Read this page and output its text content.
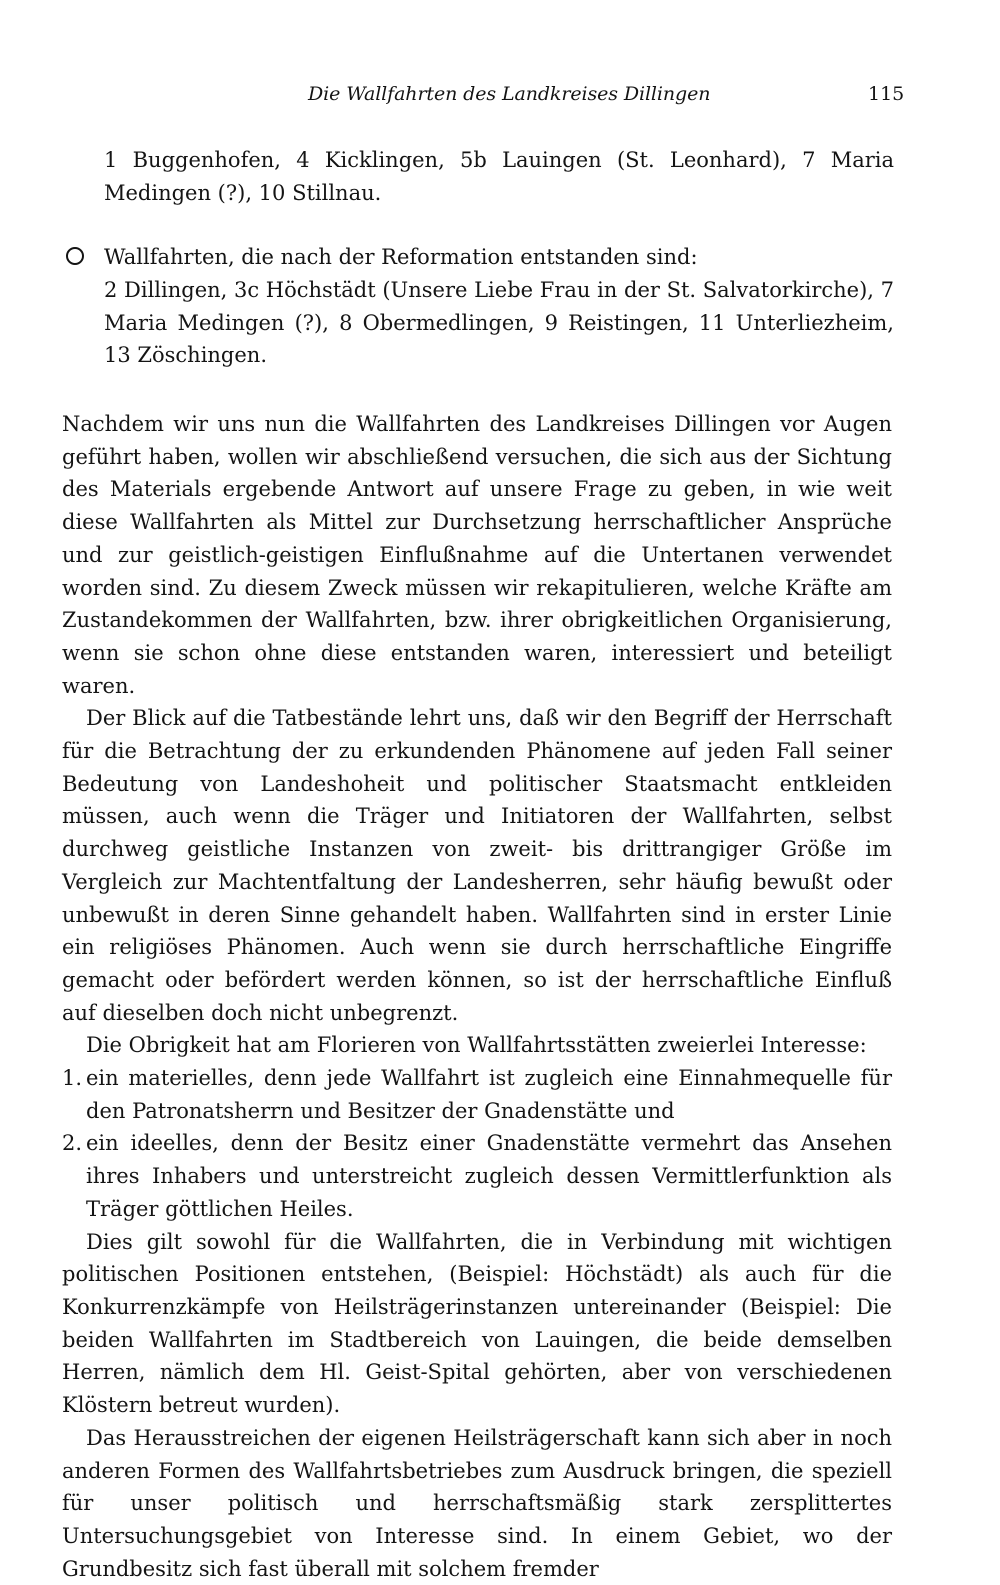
Die Wallfahrten des Landkreises Dillingen	115

1 Buggenhofen, 4 Kicklingen, 5b Lauingen (St. Leonhard), 7 Maria Medingen (?), 10 Stillnau.

Wallfahrten, die nach der Reformation entstanden sind:

2 Dillingen, 3c Höchstädt (Unsere Liebe Frau in der St. Salvatorkirche), 7 Maria Medingen (?), 8 Obermedlingen, 9 Reistingen, 11 Unterliezheim, 13 Zöschingen.

Nachdem wir uns nun die Wallfahrten des Landkreises Dillingen vor Augen geführt haben, wollen wir abschließend versuchen, die sich aus der Sichtung des Materials ergebende Antwort auf unsere Frage zu geben, in wie weit diese Wallfahrten als Mittel zur Durchsetzung herrschaftlicher Ansprüche und zur geistlich-geistigen Einflußnahme auf die Untertanen verwendet worden sind. Zu diesem Zweck müssen wir rekapitulieren, welche Kräfte am Zustandekommen der Wallfahrten, bzw. ihrer obrigkeitlichen Organisierung, wenn sie schon ohne diese entstanden waren, interessiert und beteiligt waren.

Der Blick auf die Tatbestände lehrt uns, daß wir den Begriff der Herrschaft für die Betrachtung der zu erkundenden Phänomene auf jeden Fall seiner Bedeutung von Landeshoheit und politischer Staatsmacht entkleiden müssen, auch wenn die Träger und Initiatoren der Wallfahrten, selbst durchweg geistliche Instanzen von zweit- bis drittrangiger Größe im Vergleich zur Machtentfaltung der Landesherren, sehr häufig bewußt oder unbewußt in deren Sinne gehandelt haben. Wallfahrten sind in erster Linie ein religiöses Phänomen. Auch wenn sie durch herrschaftliche Eingriffe gemacht oder befördert werden können, so ist der herrschaftliche Einfluß auf dieselben doch nicht unbegrenzt.

Die Obrigkeit hat am Florieren von Wallfahrtsstätten zweierlei Interesse:

1. ein materielles, denn jede Wallfahrt ist zugleich eine Einnahmequelle für den Patronatsherrn und Besitzer der Gnadenstätte und
2. ein ideelles, denn der Besitz einer Gnadenstätte vermehrt das Ansehen ihres Inhabers und unterstreicht zugleich dessen Vermittlerfunktion als Träger göttlichen Heiles.

Dies gilt sowohl für die Wallfahrten, die in Verbindung mit wichtigen politischen Positionen entstehen, (Beispiel: Höchstädt) als auch für die Konkurrenzkämpfe von Heilsträgerinstanzen untereinander (Beispiel: Die beiden Wallfahrten im Stadtbereich von Lauingen, die beide demselben Herren, nämlich dem Hl. Geist-Spital gehörten, aber von verschiedenen Klöstern betreut wurden).

Das Herausstreichen der eigenen Heilsträgerschaft kann sich aber in noch anderen Formen des Wallfahrtsbetriebes zum Ausdruck bringen, die speziell für unser politisch und herrschaftsmäßig stark zersplittertes Untersuchungsgebiet von Interesse sind. In einem Gebiet, wo der Grundbesitz sich fast überall mit solchem fremder
